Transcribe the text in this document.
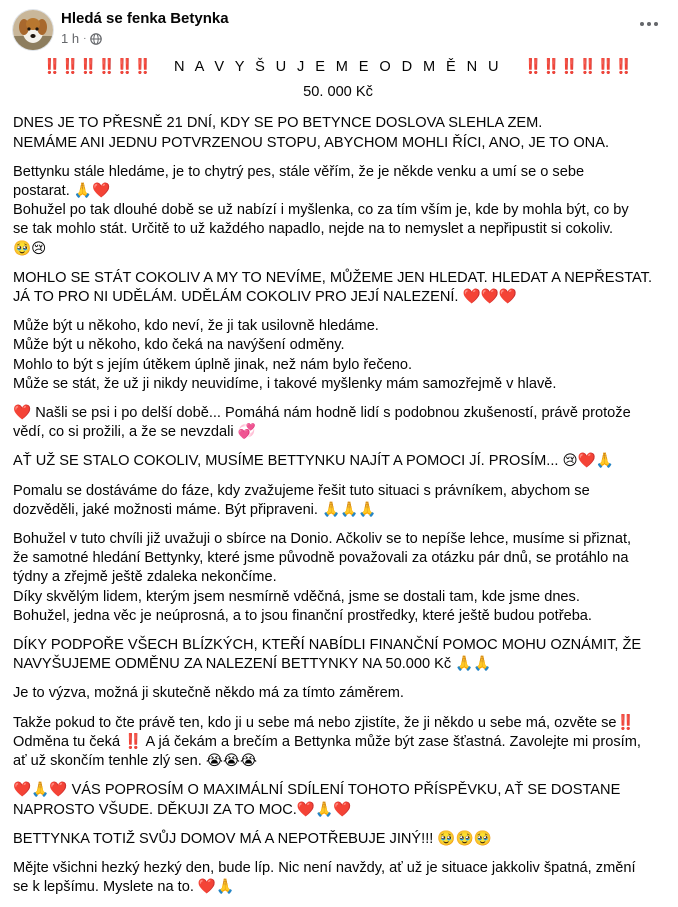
Hledá se fenka Betynka
1 h ·

‼️‼️‼️‼️‼️‼️ N A V Y Š U J E M E O D M Ě N U ‼️‼️‼️‼️‼️‼️

50. 000 Kč

DNES JE TO PŘESNĚ 21 DNÍ, KDY SE PO BETYNCE DOSLOVA SLEHLA ZEM.
NEMÁME ANI JEDNU POTVRZENOU STOPU, ABYCHOM MOHLI ŘÍCI, ANO, JE TO ONA.

Bettynku stále hledáme, je to chytrý pes, stále věřím, že je někde venku a umí se o sebe
postarat. 🙏❤️
Bohužel po tak dlouhé době se už nabízí i myšlenka, co za tím vším je, kde by mohla být, co by
se tak mohlo stát. Určitě to už každého napadlo, nejde na to nemyslet a nepřipustit si cokoliv.
🥹😢

MOHLO SE STÁT COKOLIV A MY TO NEVÍME, MŮŽEME JEN HLEDAT. HLEDAT A NEPŘESTAT.
JÁ TO PRO NI UDĚLÁM. UDĚLÁM COKOLIV PRO JEJÍ NALEZENÍ. ❤️❤️❤️

Může být u někoho, kdo neví, že ji tak usilovně hledáme.
Může být u někoho, kdo čeká na navýšení odměny.
Mohlo to být s jejím útěkem úplně jinak, než nám bylo řečeno.
Může se stát, že už ji nikdy neuvidíme, i takové myšlenky mám samozřejmě v hlavě.

❤️ Našli se psi i po delší době... Pomáhá nám hodně lidí s podobnou zkušeností, právě protože
vědí, co si prožili, a že se nevzdali 💞

AŤ UŽ SE STALO COKOLIV, MUSÍME BETTYNKU NAJÍT A POMOCI JÍ. PROSÍM... 😢❤️🙏

Pomalu se dostáváme do fáze, kdy zvažujeme řešit tuto situaci s právníkem, abychom se
dozvěděli, jaké možnosti máme. Být připraveni. 🙏🙏🙏

Bohužel v tuto chvíli již uvažuji o sbírce na Donio. Ačkoliv se to nepíše lehce, musíme si přiznat,
že samotné hledání Bettynky, které jsme původně považovali za otázku pár dnů, se protáhlo na
týdny a zřejmě ještě zdaleka nekončíme.
Díky skvělým lidem, kterým jsem nesmírně vděčná, jsme se dostali tam, kde jsme dnes.
Bohužel, jedna věc je neúprosná, a to jsou finanční prostředky, které ještě budou potřeba.

DÍKY PODPOŘE VŠECH BLÍZKÝCH, KTEŘÍ NABÍDLI FINANČNÍ POMOC MOHU OZNÁMIT, ŽE
NAVYŠUJEME ODMĚNU ZA NALEZENÍ BETTYNKY NA 50.000 Kč 🙏🙏

Je to výzva, možná ji skutečně někdo má za tímto záměrem.

Takže pokud to čte právě ten, kdo ji u sebe má nebo zjistíte, že ji někdo u sebe má, ozvěte se‼️
Odměna tu čeká ‼️ A já čekám a brečím a Bettynka může být zase šťastná. Zavolejte mi prosím,
ať už skončím tenhle zlý sen. 😭😭😭

❤️🙏❤️ VÁS POPROSÍM O MAXIMÁLNÍ SDÍLENÍ TOHOTO PŘÍSPĚVKU, AŤ SE DOSTANE
NAPROSTO VŠUDE. DĚKUJI ZA TO MOC.❤️🙏❤️

BETTYNKA TOTIŽ SVŮJ DOMOV MÁ A NEPOTŘEBUJE JINÝ!!! 🥹🥹🥹

Mějte všichni hezký hezký den, bude líp. Nic není navždy, ať už je situace jakkoliv špatná, změní
se k lepšímu. Myslete na to. ❤️🙏
